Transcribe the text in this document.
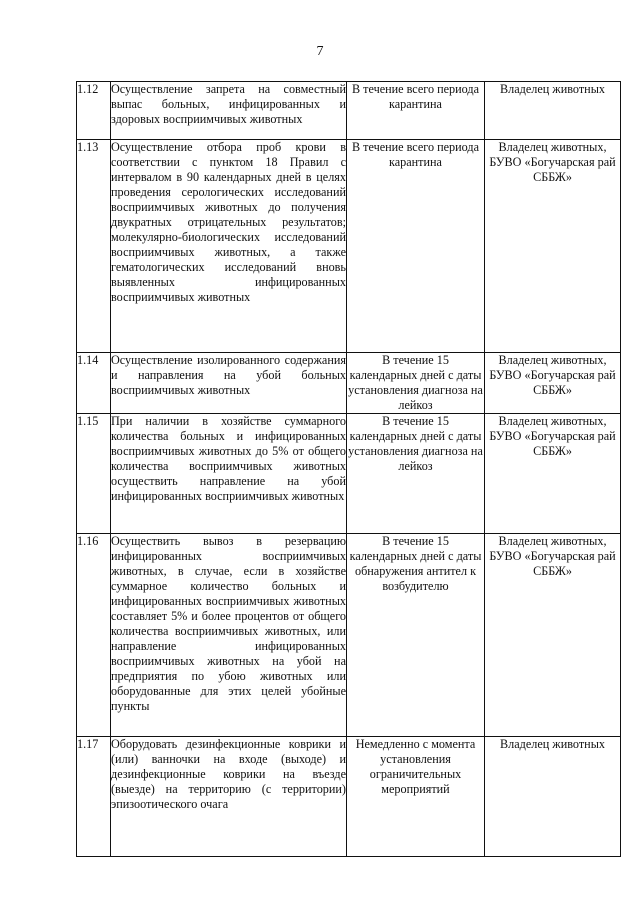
7
1.12	Осуществление запрета на совместный выпас больных, инфицированных и здоровых восприимчивых животных	В течение всего периода карантина	Владелец животных
1.13	Осуществление отбора проб крови в соответствии с пунктом 18 Правил с интервалом в 90 календарных дней в целях проведения серологических исследований восприимчивых животных до получения двукратных отрицательных результатов; молекулярно-биологических исследований восприимчивых животных, а также гематологических исследований вновь выявленных инфицированных восприимчивых животных	В течение всего периода карантина	Владелец животных, БУВО «Богучарская рай СББЖ»
1.14	Осуществление изолированного содержания и направления на убой больных восприимчивых животных	В течение 15 календарных дней с даты установления диагноза на лейкоз	Владелец животных, БУВО «Богучарская рай СББЖ»
1.15	При наличии в хозяйстве суммарного количества больных и инфицированных восприимчивых животных до 5% от общего количества восприимчивых животных осуществить направление на убой инфицированных восприимчивых животных	В течение 15 календарных дней с даты установления диагноза на лейкоз	Владелец животных, БУВО «Богучарская рай СББЖ»
1.16	Осуществить вывоз в резервацию инфицированных восприимчивых животных, в случае, если в хозяйстве суммарное количество больных и инфицированных восприимчивых животных составляет 5% и более процентов от общего количества восприимчивых животных, или направление инфицированных восприимчивых животных на убой на предприятия по убою животных или оборудованные для этих целей убойные пункты	В течение 15 календарных дней с даты обнаружения антител к возбудителю	Владелец животных, БУВО «Богучарская рай СББЖ»
1.17	Оборудовать дезинфекционные коврики и (или) ванночки на входе (выходе) и дезинфекционные коврики на въезде (выезде) на территорию (с территории) эпизоотического очага	Немедленно с момента установления ограничительных мероприятий	Владелец животных
